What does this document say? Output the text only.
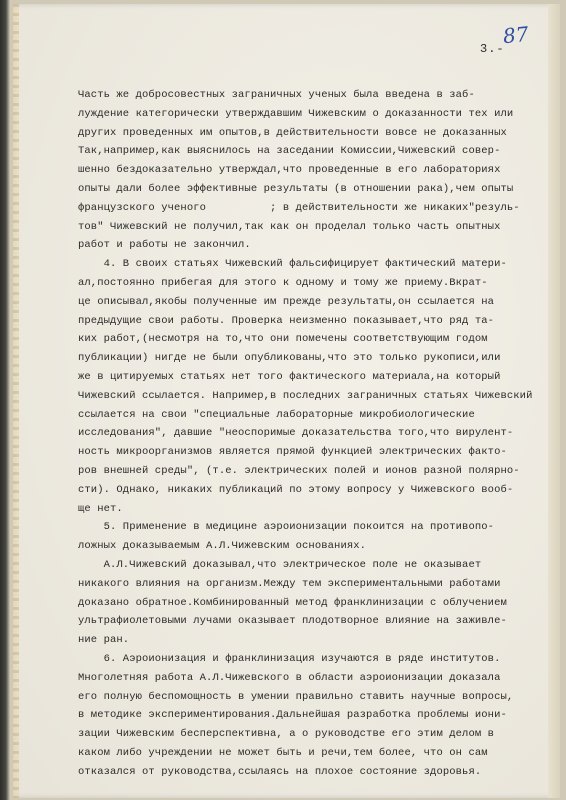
87
3.-
Часть же добросовестных заграничных ученых была введена в заб-
луждение категорически утверждавшим Чижевским о доказанности тех или
других проведенных им опытов,в действительности вовсе не доказанных
Так,например,как выяснилось на заседании Комиссии,Чижевский совер-
шенно бездоказательно утверждал,что проведенные в его лабораториях
опыты дали более эффективные результаты (в отношении рака),чем опыты
французского ученого          ; в действительности же никаких"резуль-
тов" Чижевский не получил,так как он проделал только часть опытных
работ и работы не закончил.
4. В своих статьях Чижевский фальсифицирует фактический матери-
ал,постоянно прибегая для этого к одному и тому же приему.Вкрат-
це описывал,якобы полученные им прежде результаты,он ссылается на
предыдущие свои работы. Проверка неизменно показывает,что ряд та-
ких работ,(несмотря на то,что они помечены соответствующим годом
публикации) нигде не были опубликованы,что это только рукописи,или
же в цитируемых статьях нет того фактического материала,на который
Чижевский ссылается. Например,в последних заграничных статьях Чижевский
ссылается на свои "специальные лабораторные микробиологические
исследования", давшие "неоспоримые доказательства того,что вирулент-
ность микроорганизмов является прямой функцией электрических факто-
ров внешней среды", (т.е. электрических полей и ионов разной полярно-
сти). Однако, никаких публикаций по этому вопросу у Чижевского вооб-
ще нет.
5. Применение в медицине аэроионизации покоится на противопо-
ложных доказываемым А.Л.Чижевским основаниях.
А.Л.Чижевский доказывал,что электрическое поле не оказывает
никакого влияния на организм.Между тем экспериментальными работами
доказано обратное.Комбинированный метод франклинизации с облучением
ультрафиолетовыми лучами оказывает плодотворное влияние на заживле-
ние ран.
6. Аэроионизация и франклинизация изучаются в ряде институтов.
Многолетняя работа А.Л.Чижевского в области аэроионизации доказала
его полную беспомощность в умении правильно ставить научные вопросы,
в методике экспериментирования.Дальнейшая разработка проблемы иони-
зации Чижевским бесперспективна, а о руководстве его этим делом в
каком либо учреждении не может быть и речи,тем более, что он сам
отказался от руководства,ссылаясь на плохое состояние здоровья.
